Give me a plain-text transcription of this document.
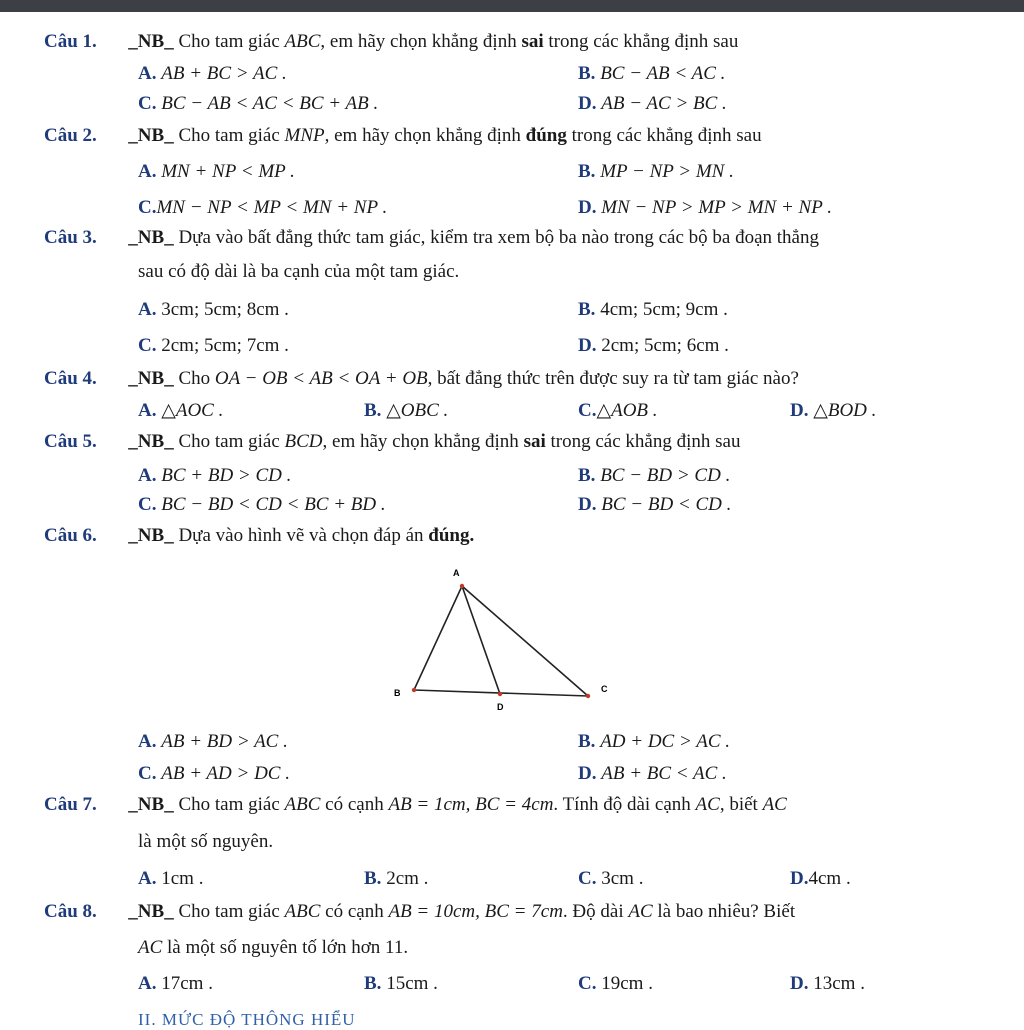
Câu 1. _NB_ Cho tam giác ABC, em hãy chọn khẳng định sai trong các khẳng định sau
A. AB + BC > AC .	B. BC − AB < AC .
C. BC − AB < AC < BC + AB .	D. AB − AC > BC .
Câu 2. _NB_ Cho tam giác MNP, em hãy chọn khẳng định đúng trong các khẳng định sau
A. MN + NP < MP .	B. MP − NP > MN .
C.MN − NP < MP < MN + NP .	D. MN − NP > MP > MN + NP .
Câu 3. _NB_ Dựa vào bất đẳng thức tam giác, kiểm tra xem bộ ba nào trong các bộ ba đoạn thẳng
sau có độ dài là ba cạnh của một tam giác.
A. 3cm; 5cm; 8cm .	B. 4cm; 5cm; 9cm .
C. 2cm; 5cm; 7cm .	D. 2cm; 5cm; 6cm .
Câu 4. _NB_ Cho OA − OB < AB < OA + OB, bất đẳng thức trên được suy ra từ tam giác nào?
A. △AOC .	B. △OBC .	C.△AOB .	D. △BOD .
Câu 5. _NB_ Cho tam giác BCD, em hãy chọn khẳng định sai trong các khẳng định sau
A. BC + BD > CD .	B. BC − BD > CD .
C. BC − BD < CD < BC + BD .	D. BC − BD < CD .
Câu 6. _NB_ Dựa vào hình vẽ và chọn đáp án đúng.
A
B
D
C
A. AB + BD > AC .	B. AD + DC > AC .
C. AB + AD > DC .	D. AB + BC < AC .
Câu 7. _NB_ Cho tam giác ABC có cạnh AB = 1cm, BC = 4cm. Tính độ dài cạnh AC, biết AC
là một số nguyên.
A. 1cm .	B. 2cm .	C. 3cm .	D.4cm .
Câu 8. _NB_ Cho tam giác ABC có cạnh AB = 10cm, BC = 7cm. Độ dài AC là bao nhiêu? Biết
AC là một số nguyên tố lớn hơn 11.
A. 17cm .	B. 15cm .	C. 19cm .	D. 13cm .
II. MỨC ĐỘ THÔNG HIỂU
